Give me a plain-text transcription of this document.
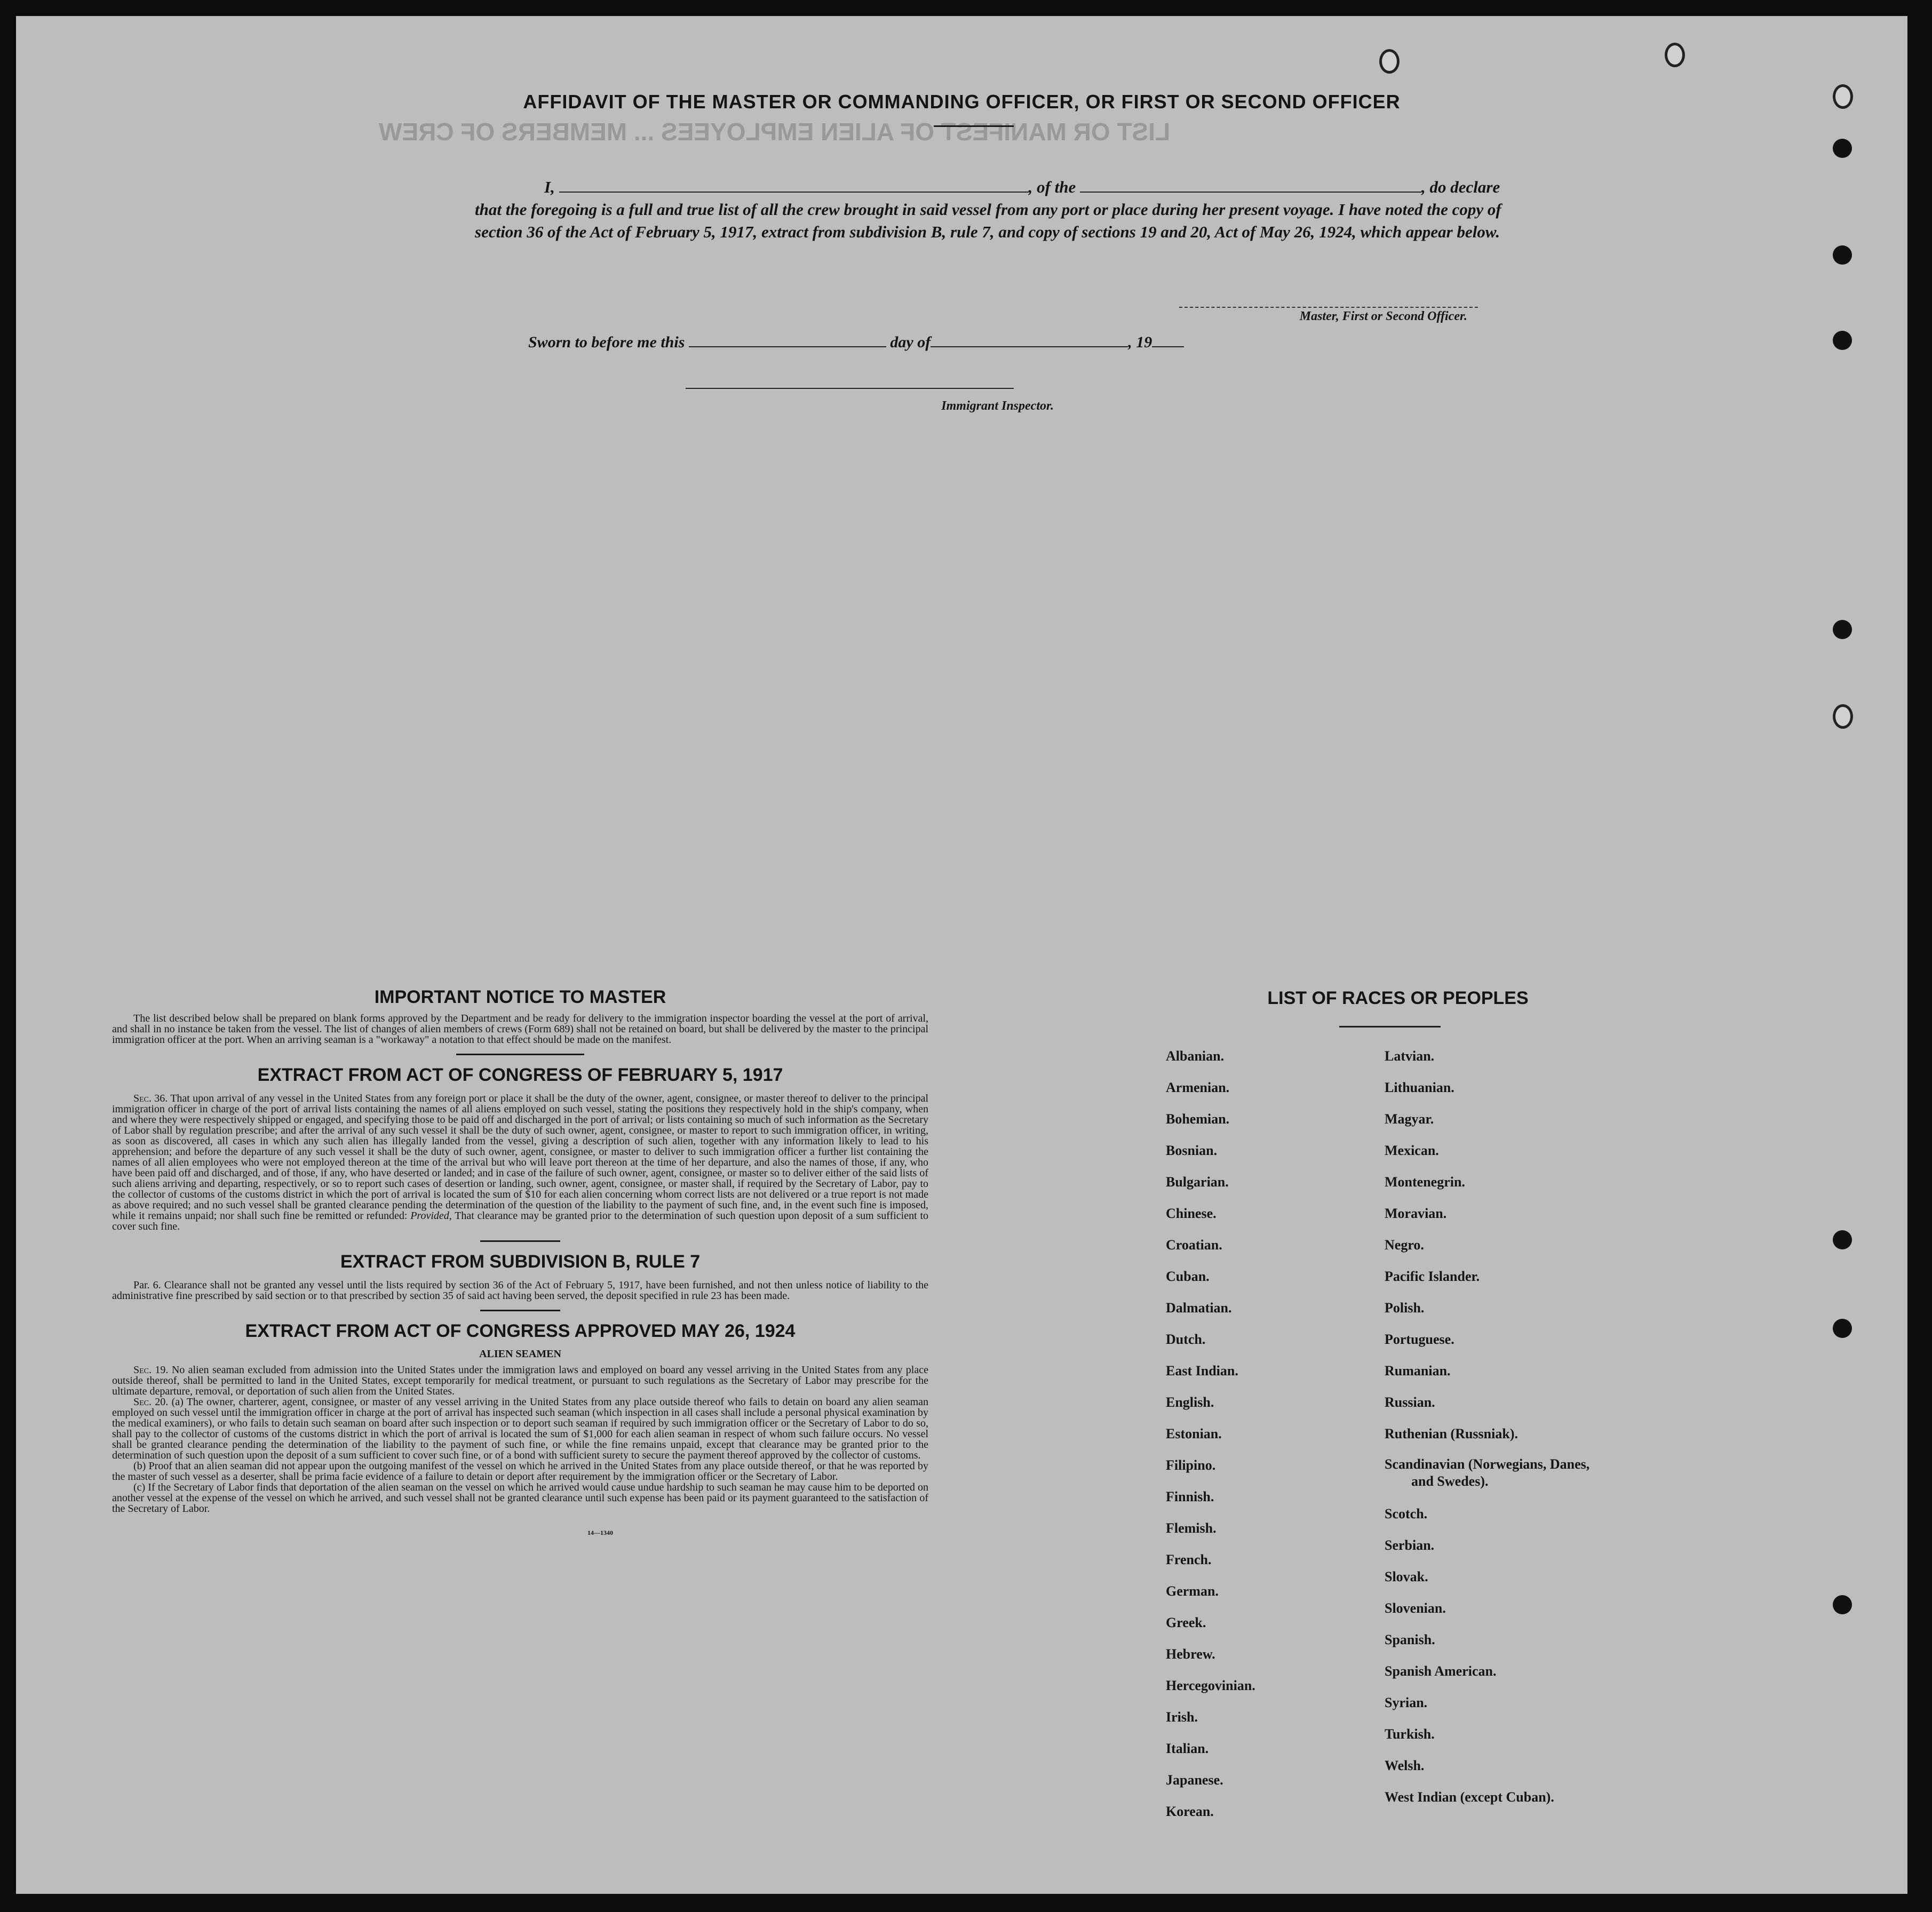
LIST OR MANIFEST OF ALIEN EMPLOYEES ... MEMBERS OF CREW
AFFIDAVIT OF THE MASTER OR COMMANDING OFFICER, OR FIRST OR SECOND OFFICER
I,	, of the	, do declare
that the foregoing is a full and true list of all the crew brought in said vessel from any port or place during her present voyage. I have noted the copy of section 36 of the Act of February 5, 1917, extract from subdivision B, rule 7, and copy of sections 19 and 20, Act of May 26, 1924, which appear below.
Master, First or Second Officer.
Sworn to before me this	day of	, 19
Immigrant Inspector.
IMPORTANT NOTICE TO MASTER

The list described below shall be prepared on blank forms approved by the Department and be ready for delivery to the immigration inspector boarding the vessel at the port of arrival, and shall in no instance be taken from the vessel. The list of changes of alien members of crews (Form 689) shall not be retained on board, but shall be delivered by the master to the principal immigration officer at the port. When an arriving seaman is a "workaway" a notation to that effect should be made on the manifest.

EXTRACT FROM ACT OF CONGRESS OF FEBRUARY 5, 1917

Sec. 36. That upon arrival of any vessel in the United States from any foreign port or place it shall be the duty of the owner, agent, consignee, or master thereof to deliver to the principal immigration officer in charge of the port of arrival lists containing the names of all aliens employed on such vessel, stating the positions they respectively hold in the ship's company, when and where they were respectively shipped or engaged, and specifying those to be paid off and discharged in the port of arrival; or lists containing so much of such information as the Secretary of Labor shall by regulation prescribe; and after the arrival of any such vessel it shall be the duty of such owner, agent, consignee, or master to report to such immigration officer, in writing, as soon as discovered, all cases in which any such alien has illegally landed from the vessel, giving a description of such alien, together with any information likely to lead to his apprehension; and before the departure of any such vessel it shall be the duty of such owner, agent, consignee, or master to deliver to such immigration officer a further list containing the names of all alien employees who were not employed thereon at the time of the arrival but who will leave port thereon at the time of her departure, and also the names of those, if any, who have been paid off and discharged, and of those, if any, who have deserted or landed; and in case of the failure of such owner, agent, consignee, or master so to deliver either of the said lists of such aliens arriving and departing, respectively, or so to report such cases of desertion or landing, such owner, agent, consignee, or master shall, if required by the Secretary of Labor, pay to the collector of customs of the customs district in which the port of arrival is located the sum of $10 for each alien concerning whom correct lists are not delivered or a true report is not made as above required; and no such vessel shall be granted clearance pending the determination of the question of the liability to the payment of such fine, and, in the event such fine is imposed, while it remains unpaid; nor shall such fine be remitted or refunded: Provided, That clearance may be granted prior to the determination of such question upon deposit of a sum sufficient to cover such fine.

EXTRACT FROM SUBDIVISION B, RULE 7

Par. 6. Clearance shall not be granted any vessel until the lists required by section 36 of the Act of February 5, 1917, have been furnished, and not then unless notice of liability to the administrative fine prescribed by said section or to that prescribed by section 35 of said act having been served, the deposit specified in rule 23 has been made.

EXTRACT FROM ACT OF CONGRESS APPROVED MAY 26, 1924
ALIEN SEAMEN

Sec. 19. No alien seaman excluded from admission into the United States under the immigration laws and employed on board any vessel arriving in the United States from any place outside thereof, shall be permitted to land in the United States, except temporarily for medical treatment, or pursuant to such regulations as the Secretary of Labor may prescribe for the ultimate departure, removal, or deportation of such alien from the United States.

Sec. 20. (a) The owner, charterer, agent, consignee, or master of any vessel arriving in the United States from any place outside thereof who fails to detain on board any alien seaman employed on such vessel until the immigration officer in charge at the port of arrival has inspected such seaman (which inspection in all cases shall include a personal physical examination by the medical examiners), or who fails to detain such seaman on board after such inspection or to deport such seaman if required by such immigration officer or the Secretary of Labor to do so, shall pay to the collector of customs of the customs district in which the port of arrival is located the sum of $1,000 for each alien seaman in respect of whom such failure occurs. No vessel shall be granted clearance pending the determination of the liability to the payment of such fine, or while the fine remains unpaid, except that clearance may be granted prior to the determination of such question upon the deposit of a sum sufficient to cover such fine, or of a bond with sufficient surety to secure the payment thereof approved by the collector of customs.

(b) Proof that an alien seaman did not appear upon the outgoing manifest of the vessel on which he arrived in the United States from any place outside thereof, or that he was reported by the master of such vessel as a deserter, shall be prima facie evidence of a failure to detain or deport after requirement by the immigration officer or the Secretary of Labor.

(c) If the Secretary of Labor finds that deportation of the alien seaman on the vessel on which he arrived would cause undue hardship to such seaman he may cause him to be deported on another vessel at the expense of the vessel on which he arrived, and such vessel shall not be granted clearance until such expense has been paid or its payment guaranteed to the satisfaction of the Secretary of Labor.

14—1340
LIST OF RACES OR PEOPLES
Albanian.
Armenian.
Bohemian.
Bosnian.
Bulgarian.
Chinese.
Croatian.
Cuban.
Dalmatian.
Dutch.
East Indian.
English.
Estonian.
Filipino.
Finnish.
Flemish.
French.
German.
Greek.
Hebrew.
Hercegovinian.
Irish.
Italian.
Japanese.
Korean.
Latvian.
Lithuanian.
Magyar.
Mexican.
Montenegrin.
Moravian.
Negro.
Pacific Islander.
Polish.
Portuguese.
Rumanian.
Russian.
Ruthenian (Russniak).
Scandinavian (Norwegians, Danes, and Swedes).
Scotch.
Serbian.
Slovak.
Slovenian.
Spanish.
Spanish American.
Syrian.
Turkish.
Welsh.
West Indian (except Cuban).
